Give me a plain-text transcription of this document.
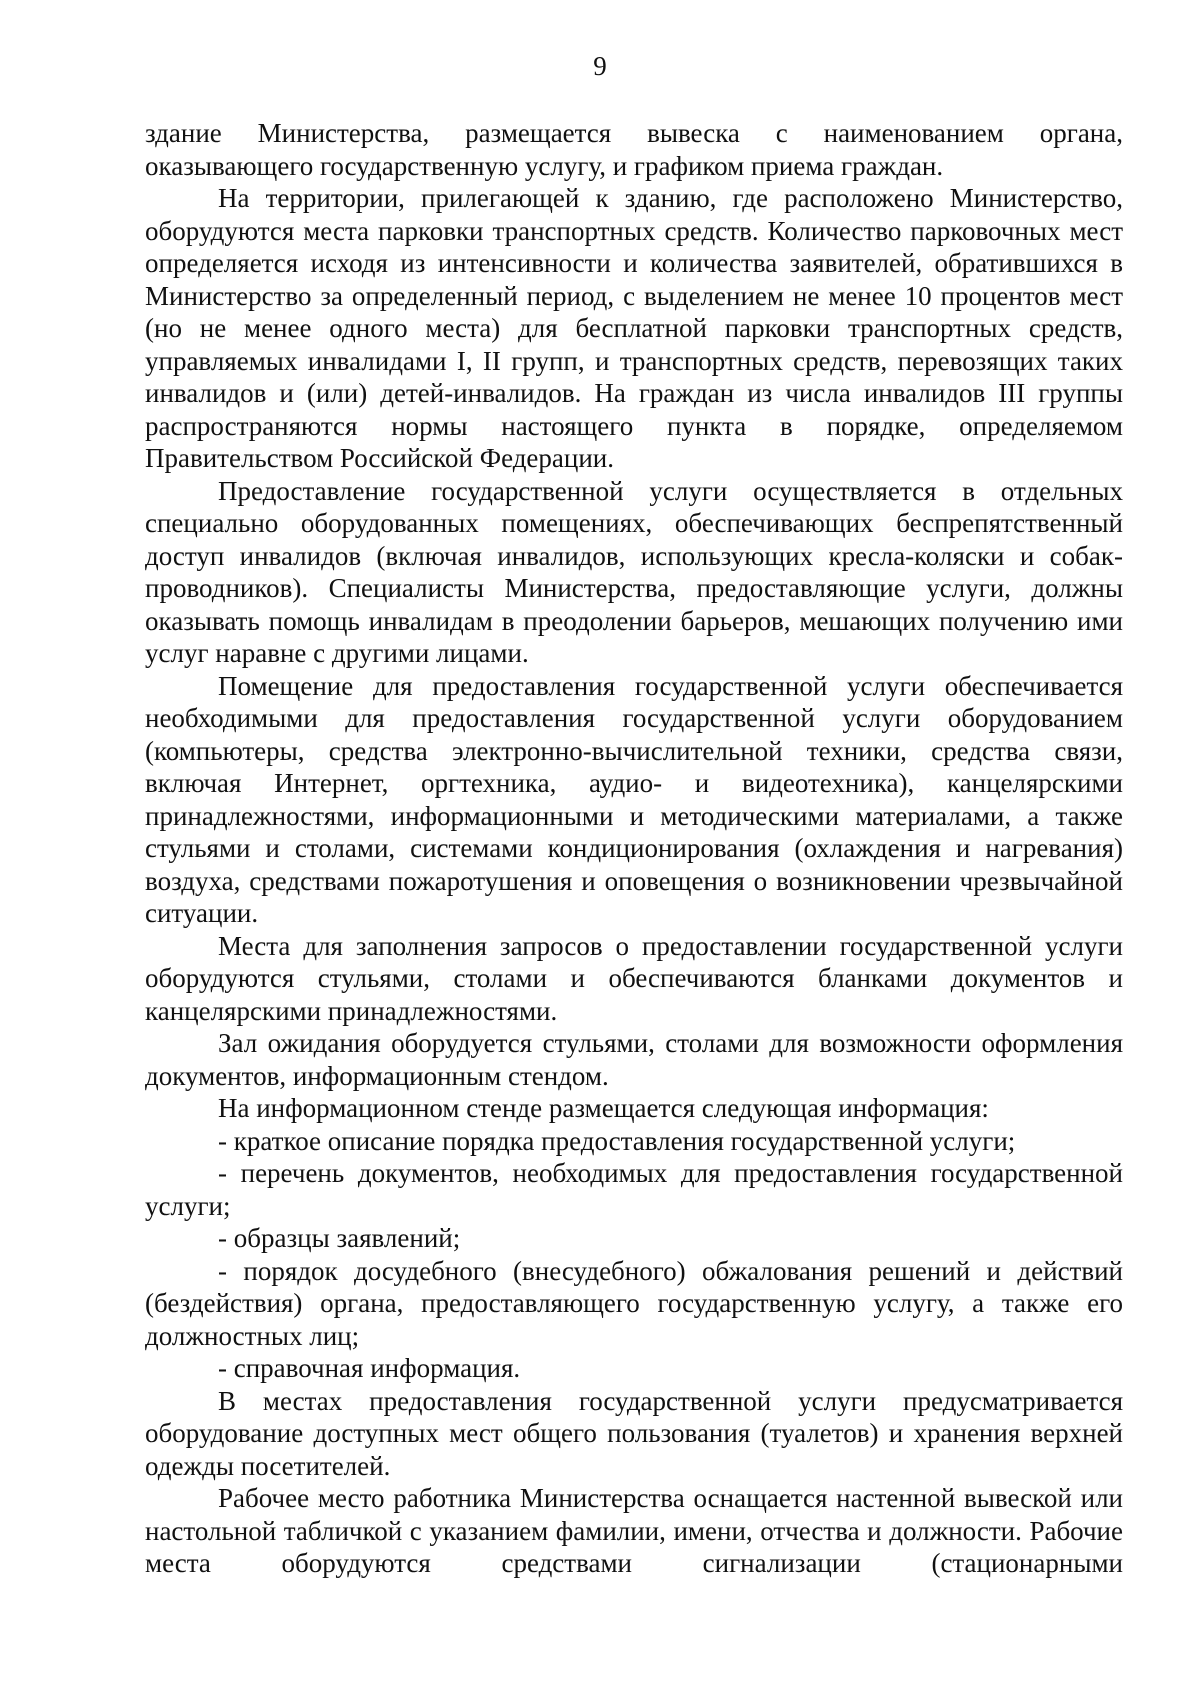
9

здание Министерства, размещается вывеска с наименованием органа, оказывающего государственную услугу, и графиком приема граждан.

На территории, прилегающей к зданию, где расположено Министерство, оборудуются места парковки транспортных средств. Количество парковочных мест определяется исходя из интенсивности и количества заявителей, обратившихся в Министерство за определенный период, с выделением не менее 10 процентов мест (но не менее одного места) для бесплатной парковки транспортных средств, управляемых инвалидами I, II групп, и транспортных средств, перевозящих таких инвалидов и (или) детей-инвалидов. На граждан из числа инвалидов III группы распространяются нормы настоящего пункта в порядке, определяемом Правительством Российской Федерации.

Предоставление государственной услуги осуществляется в отдельных специально оборудованных помещениях, обеспечивающих беспрепятственный доступ инвалидов (включая инвалидов, использующих кресла-коляски и собак-проводников). Специалисты Министерства, предоставляющие услуги, должны оказывать помощь инвалидам в преодолении барьеров, мешающих получению ими услуг наравне с другими лицами.

Помещение для предоставления государственной услуги обеспечивается необходимыми для предоставления государственной услуги оборудованием (компьютеры, средства электронно-вычислительной техники, средства связи, включая Интернет, оргтехника, аудио- и видеотехника), канцелярскими принадлежностями, информационными и методическими материалами, а также стульями и столами, системами кондиционирования (охлаждения и нагревания) воздуха, средствами пожаротушения и оповещения о возникновении чрезвычайной ситуации.

Места для заполнения запросов о предоставлении государственной услуги оборудуются стульями, столами и обеспечиваются бланками документов и канцелярскими принадлежностями.

Зал ожидания оборудуется стульями, столами для возможности оформления документов, информационным стендом.

На информационном стенде размещается следующая информация:

- краткое описание порядка предоставления государственной услуги;

- перечень документов, необходимых для предоставления государственной услуги;

- образцы заявлений;

- порядок досудебного (внесудебного) обжалования решений и действий (бездействия) органа, предоставляющего государственную услугу, а также его должностных лиц;

- справочная информация.

В местах предоставления государственной услуги предусматривается оборудование доступных мест общего пользования (туалетов) и хранения верхней одежды посетителей.

Рабочее место работника Министерства оснащается настенной вывеской или настольной табличкой с указанием фамилии, имени, отчества и должности. Рабочие места оборудуются средствами сигнализации (стационарными
